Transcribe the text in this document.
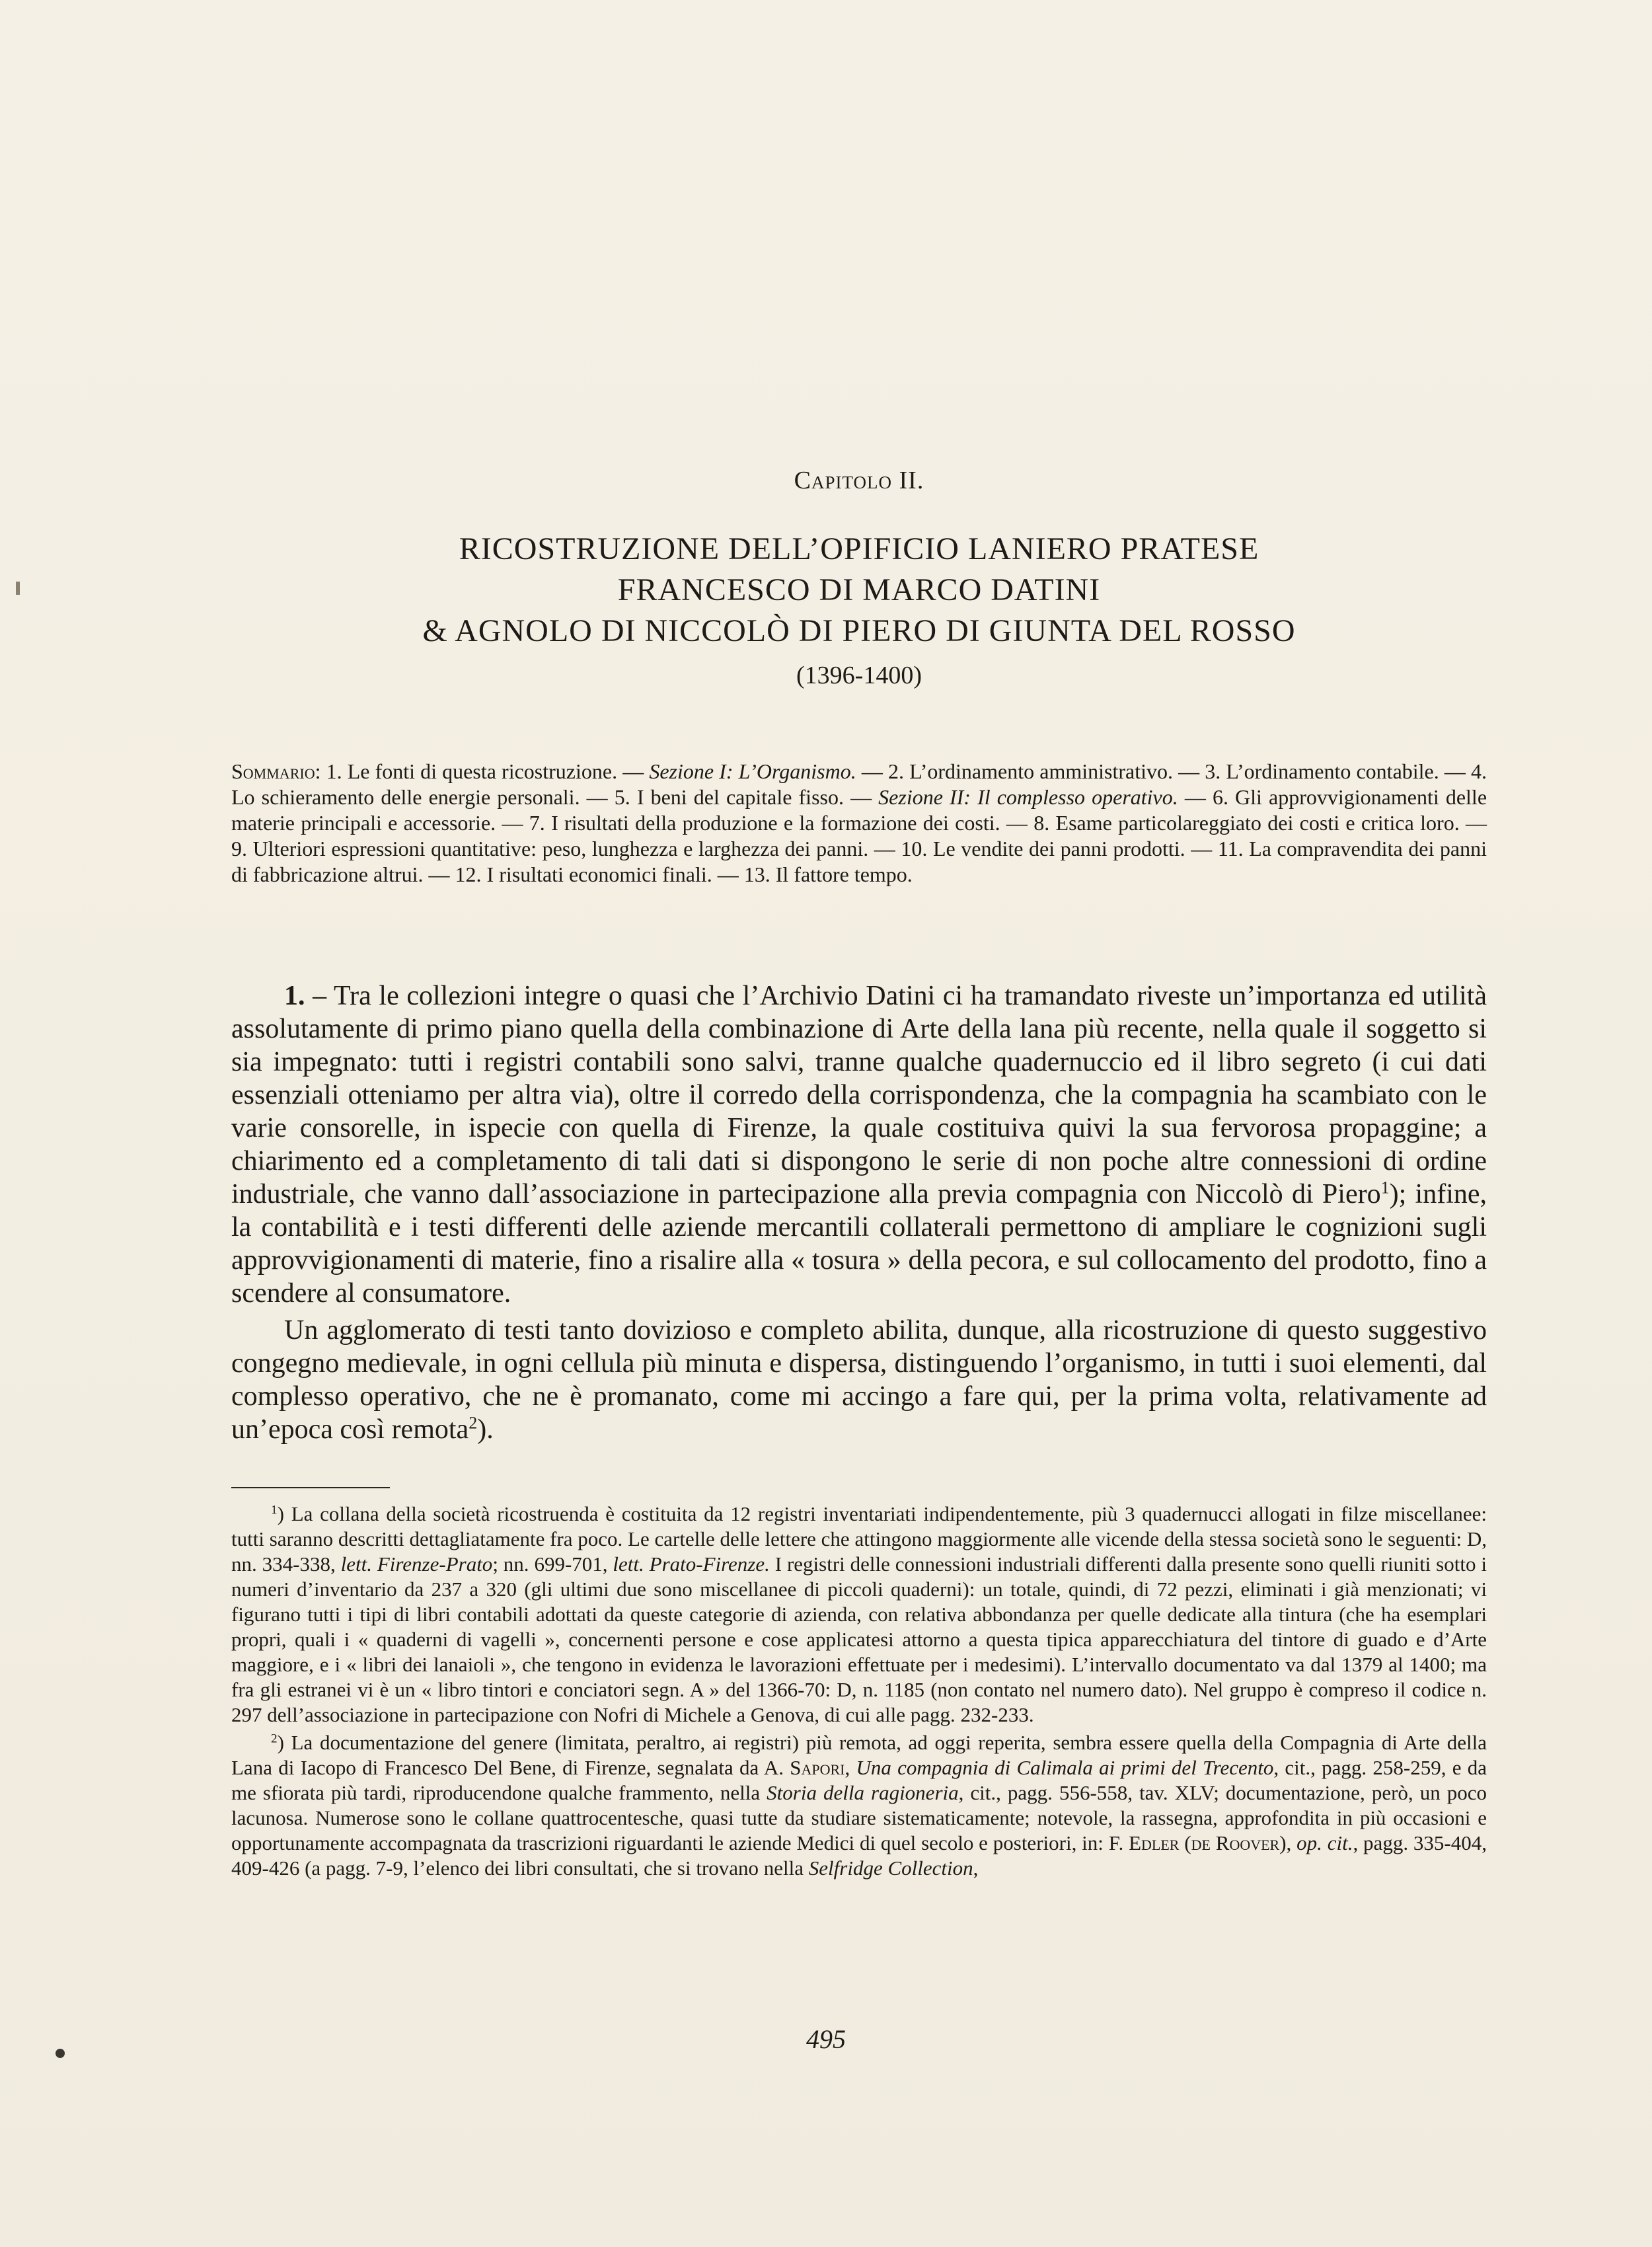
Capitolo II.
RICOSTRUZIONE DELL’OPIFICIO LANIERO PRATESE
FRANCESCO DI MARCO DATINI
& AGNOLO DI NICCOLÒ DI PIERO DI GIUNTA DEL ROSSO
(1396-1400)
Sommario: 1. Le fonti di questa ricostruzione. — Sezione I: L’Organismo. — 2. L’ordinamento amministrativo. — 3. L’ordinamento contabile. — 4. Lo schieramento delle energie personali. — 5. I beni del capitale fisso. — Sezione II: Il complesso operativo. — 6. Gli approvvigionamenti delle materie principali e accessorie. — 7. I risultati della produzione e la formazione dei costi. — 8. Esame particolareggiato dei costi e critica loro. — 9. Ulteriori espressioni quantitative: peso, lunghezza e larghezza dei panni. — 10. Le vendite dei panni prodotti. — 11. La compravendita dei panni di fabbricazione altrui. — 12. I risultati economici finali. — 13. Il fattore tempo.

1. – Tra le collezioni integre o quasi che l’Archivio Datini ci ha tramandato riveste un’importanza ed utilità assolutamente di primo piano quella della combinazione di Arte della lana più recente, nella quale il soggetto si sia impegnato: tutti i registri contabili sono salvi, tranne qualche quadernuccio ed il libro segreto (i cui dati essenziali otteniamo per altra via), oltre il corredo della corrispondenza, che la compagnia ha scambiato con le varie consorelle, in ispecie con quella di Firenze, la quale costituiva quivi la sua fervorosa propaggine; a chiarimento ed a completamento di tali dati si dispongono le serie di non poche altre connessioni di ordine industriale, che vanno dall’associazione in partecipazione alla previa compagnia con Niccolò di Piero$^1$); infine, la contabilità e i testi differenti delle aziende mercantili collaterali permettono di ampliare le cognizioni sugli approvvigionamenti di materie, fino a risalire alla « tosura » della pecora, e sul collocamento del prodotto, fino a scendere al consumatore.

Un agglomerato di testi tanto dovizioso e completo abilita, dunque, alla ricostruzione di questo suggestivo congegno medievale, in ogni cellula più minuta e dispersa, distinguendo l’organismo, in tutti i suoi elementi, dal complesso operativo, che ne è promanato, come mi accingo a fare qui, per la prima volta, relativamente ad un’epoca così remota$^2$).

$^1$) La collana della società ricostruenda è costituita da 12 registri inventariati indipendentemente, più 3 quadernucci allogati in filze miscellanee: tutti saranno descritti dettagliatamente fra poco. Le cartelle delle lettere che attingono maggiormente alle vicende della stessa società sono le seguenti: D, nn. 334-338, lett. Firenze-Prato; nn. 699-701, lett. Prato-Firenze. I registri delle connessioni industriali differenti dalla presente sono quelli riuniti sotto i numeri d’inventario da 237 a 320 (gli ultimi due sono miscellanee di piccoli quaderni): un totale, quindi, di 72 pezzi, eliminati i già menzionati; vi figurano tutti i tipi di libri contabili adottati da queste categorie di azienda, con relativa abbondanza per quelle dedicate alla tintura (che ha esemplari propri, quali i « quaderni di vagelli », concernenti persone e cose applicatesi attorno a questa tipica apparecchiatura del tintore di guado e d’Arte maggiore, e i « libri dei lanaioli », che tengono in evidenza le lavorazioni effettuate per i medesimi). L’intervallo documentato va dal 1379 al 1400; ma fra gli estranei vi è un « libro tintori e conciatori segn. A » del 1366-70: D, n. 1185 (non contato nel numero dato). Nel gruppo è compreso il codice n. 297 dell’associazione in partecipazione con Nofri di Michele a Genova, di cui alle pagg. 232-233.

$^2$) La documentazione del genere (limitata, peraltro, ai registri) più remota, ad oggi reperita, sembra essere quella della Compagnia di Arte della Lana di Iacopo di Francesco Del Bene, di Firenze, segnalata da A. Sapori, Una compagnia di Calimala ai primi del Trecento, cit., pagg. 258-259, e da me sfiorata più tardi, riproducendone qualche frammento, nella Storia della ragioneria, cit., pagg. 556-558, tav. XLV; documentazione, però, un poco lacunosa. Numerose sono le collane quattrocentesche, quasi tutte da studiare sistematicamente; notevole, la rassegna, approfondita in più occasioni e opportunamente accompagnata da trascrizioni riguardanti le aziende Medici di quel secolo e posteriori, in: F. Edler (de Roover), op. cit., pagg. 335-404, 409-426 (a pagg. 7-9, l’elenco dei libri consultati, che si trovano nella Selfridge Collection,

495
